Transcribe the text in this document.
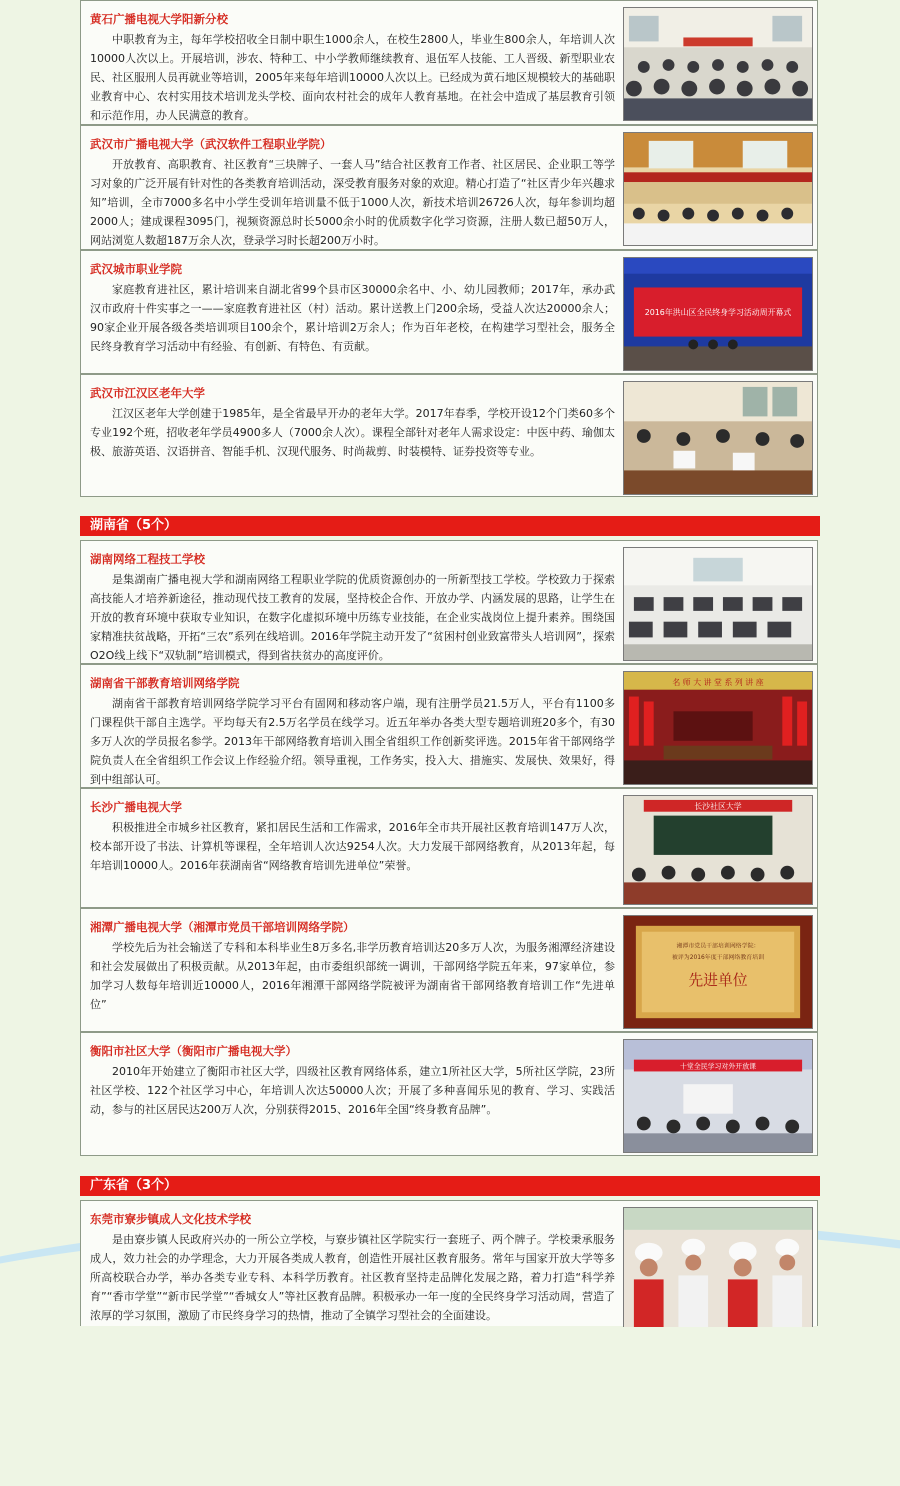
黄石广播电视大学阳新分校

中职教育为主，每年学校招收全日制中职生1000余人，在校生2800人，毕业生800余人，年培训人次10000人次以上。开展培训，涉农、特种工、中小学教师继续教育、退伍军人技能、工人晋级、新型职业农民、社区服刑人员再就业等培训，2005年来每年培训10000人次以上。已经成为黄石地区规模较大的基础职业教育中心、农村实用技术培训龙头学校、面向农村社会的成年人教育基地。在社会中造成了基层教育引领和示范作用，办人民满意的教育。

武汉市广播电视大学（武汉软件工程职业学院）

开放教育、高职教育、社区教育“三块牌子、一套人马”结合社区教育工作者、社区居民、企业职工等学习对象的广泛开展有针对性的各类教育培训活动，深受教育服务对象的欢迎。精心打造了“社区青少年兴趣求知”培训，全市7000多名中小学生受训年培训量不低于1000人次，新技术培训26726人次，每年参训均超2000人；建成课程3095门，视频资源总时长5000余小时的优质数字化学习资源，注册人数已超50万人，网站浏览人数超187万余人次，登录学习时长超200万小时。

武汉城市职业学院

家庭教育进社区，累计培训来自湖北省99个县市区30000余名中、小、幼儿园教师；2017年，承办武汉市政府十件实事之一——家庭教育进社区（村）活动。累计送教上门200余场，受益人次达20000余人；90家企业开展各级各类培训项目100余个，累计培训2万余人；作为百年老校，在构建学习型社会，服务全民终身教育学习活动中有经验、有创新、有特色、有贡献。

2016年洪山区全民终身学习活动周开幕式
武汉市江汉区老年大学

江汉区老年大学创建于1985年，是全省最早开办的老年大学。2017年春季，学校开设12个门类60多个专业192个班，招收老年学员4900多人（7000余人次）。课程全部针对老年人需求设定：中医中药、瑜伽太极、旅游英语、汉语拼音、智能手机、汉现代服务、时尚裁剪、时装模特、证券投资等专业。

湖南省（5个）
湖南网络工程技工学校

是集湖南广播电视大学和湖南网络工程职业学院的优质资源创办的一所新型技工学校。学校致力于探索高技能人才培养新途径，推动现代技工教育的发展，坚持校企合作、开放办学、内涵发展的思路，让学生在开放的教育环境中获取专业知识，在数字化虚拟环境中历练专业技能，在企业实战岗位上提升素养。围绕国家精准扶贫战略，开拓“三农”系列在线培训。2016年学院主动开发了“贫困村创业致富带头人培训网”，探索O2O线上线下“双轨制”培训模式，得到省扶贫办的高度评价。

湖南省干部教育培训网络学院

湖南省干部教育培训网络学院学习平台有固网和移动客户端，现有注册学员21.5万人，平台有1100多门课程供干部自主选学。平均每天有2.5万名学员在线学习。近五年举办各类大型专题培训班20多个，有30多万人次的学员报名参学。2013年干部网络教育培训入围全省组织工作创新奖评选。2015年省干部网络学院负责人在全省组织工作会议上作经验介绍。领导重视，工作务实，投入大、措施实、发展快、效果好，得到中组部认可。

名 师 大 讲 堂 系 列 讲 座
长沙广播电视大学

积极推进全市城乡社区教育，紧扣居民生活和工作需求，2016年全市共开展社区教育培训147万人次，校本部开设了书法、计算机等课程，全年培训人次达9254人次。大力发展干部网络教育，从2013年起，每年培训10000人。2016年获湖南省“网络教育培训先进单位”荣誉。

长沙社区大学
湘潭广播电视大学（湘潭市党员干部培训网络学院）

学校先后为社会输送了专科和本科毕业生8万多名,非学历教育培训达20多万人次，为服务湘潭经济建设和社会发展做出了积极贡献。从2013年起，由市委组织部统一调训，干部网络学院五年来，97家单位，参加学习人数每年培训近10000人，2016年湘潭干部网络学院被评为湖南省干部网络教育培训工作“先进单位”

湘潭市党员干部培训网络学院：
被评为2016年度干部网络教育培训
先进单位
衡阳市社区大学（衡阳市广播电视大学）

2010年开始建立了衡阳市社区大学，四级社区教育网络体系，建立1所社区大学，5所社区学院，23所社区学校、122个社区学习中心，年培训人次达50000人次；开展了多种喜闻乐见的教育、学习、实践活动，参与的社区居民达200万人次，分别获得2015、2016年全国“终身教育品牌”。

十堂全民学习对外开放课
广东省（3个）
东莞市寮步镇成人文化技术学校

是由寮步镇人民政府兴办的一所公立学校，与寮步镇社区学院实行一套班子、两个牌子。学校秉承服务成人，效力社会的办学理念，大力开展各类成人教育，创造性开展社区教育服务。常年与国家开放大学等多所高校联合办学，举办各类专业专科、本科学历教育。社区教育坚持走品牌化发展之路，着力打造“科学养育”“香市学堂”“新市民学堂”“香城女人”等社区教育品牌。积极承办一年一度的全民终身学习活动周，营造了浓厚的学习氛围，激励了市民终身学习的热情，推动了全镇学习型社会的全面建设。
